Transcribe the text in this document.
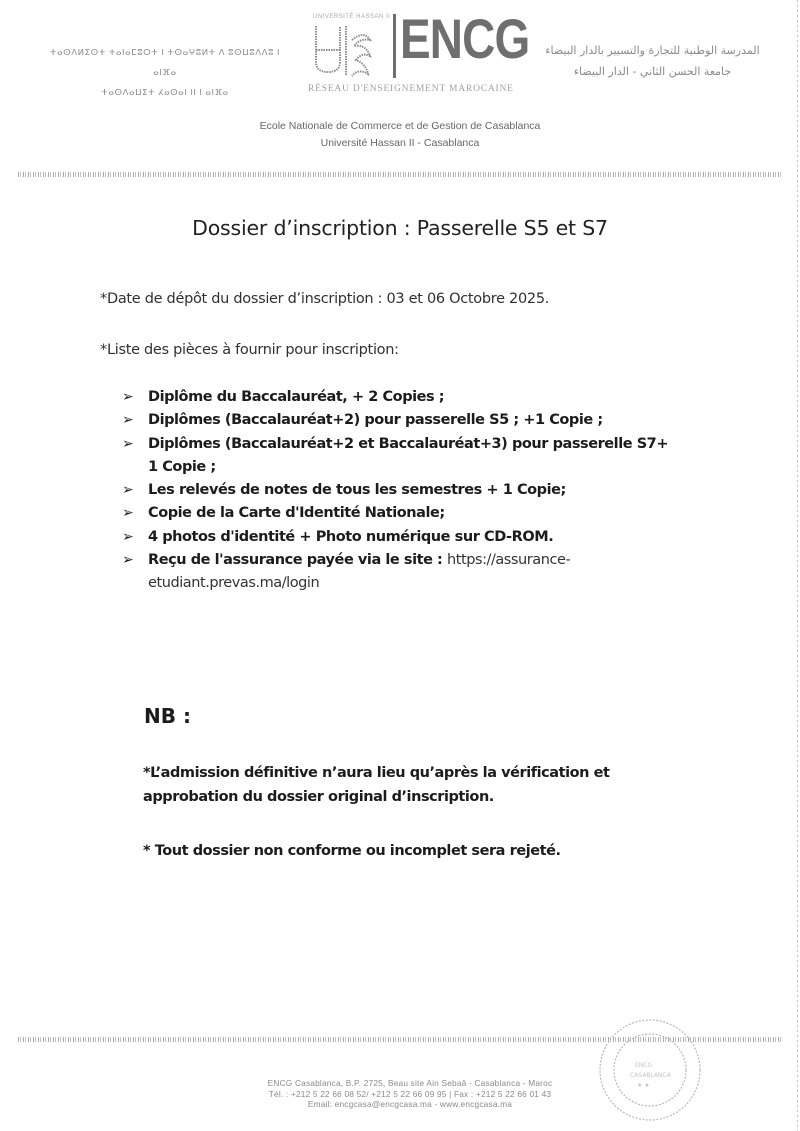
ⵜⴰⵙⴷⵍⵉⵙⵜ ⵜⴰⵏⴰⵎⵓⵔⵜ ⵏ ⵜⵙⴰⵖⵓⵍⵜ ⴷ ⵓⵙⵡⵓⴷⴷⵓ ⵏ ⴰⵏⴼⴰ
ⵜⴰⵙⴷⴰⵡⵉⵜ ⵃⴰⵙⴰⵏ II ⵏ ⴰⵏⴼⴰ
UNIVERSITÉ HASSAN II ENCG
RÉSEAU D'ENSEIGNEMENT MAROCAINE
المدرسة الوطنية للتجارة والتسيير بالدار البيضاء
جامعة الحسن الثاني - الدار البيضاء
Ecole Nationale de Commerce et de Gestion de Casablanca
Université Hassan II - Casablanca
Dossier d’inscription : Passerelle S5 et S7
*Date de dépôt du dossier d’inscription : 03 et 06 Octobre 2025.
*Liste des pièces à fournir pour inscription:
➢ Diplôme du Baccalauréat, + 2 Copies ;
➢ Diplômes (Baccalauréat+2) pour passerelle S5 ; +1 Copie ;
➢ Diplômes (Baccalauréat+2 et Baccalauréat+3) pour passerelle S7+ 1 Copie ;
➢ Les relevés de notes de tous les semestres + 1 Copie;
➢ Copie de la Carte d'Identité Nationale;
➢ 4 photos d'identité + Photo numérique sur CD-ROM.
➢ Reçu de l'assurance payée via le site : https://assurance-etudiant.prevas.ma/login
NB :
*L’admission définitive n’aura lieu qu’après la vérification et approbation du dossier original d’inscription.
* Tout dossier non conforme ou incomplet sera rejeté.
ENCG Casablanca, B.P. 2725, Beau site Ain Sebaâ - Casablanca - Maroc
Tél. : +212 5 22 66 08 52/ +212 5 22 66 09 95 | Fax : +212 5 22 66 01 43
Email: encgcasa@encgcasa.ma - www.encgcasa.ma
ENCG
CASABLANCA
★ ★
